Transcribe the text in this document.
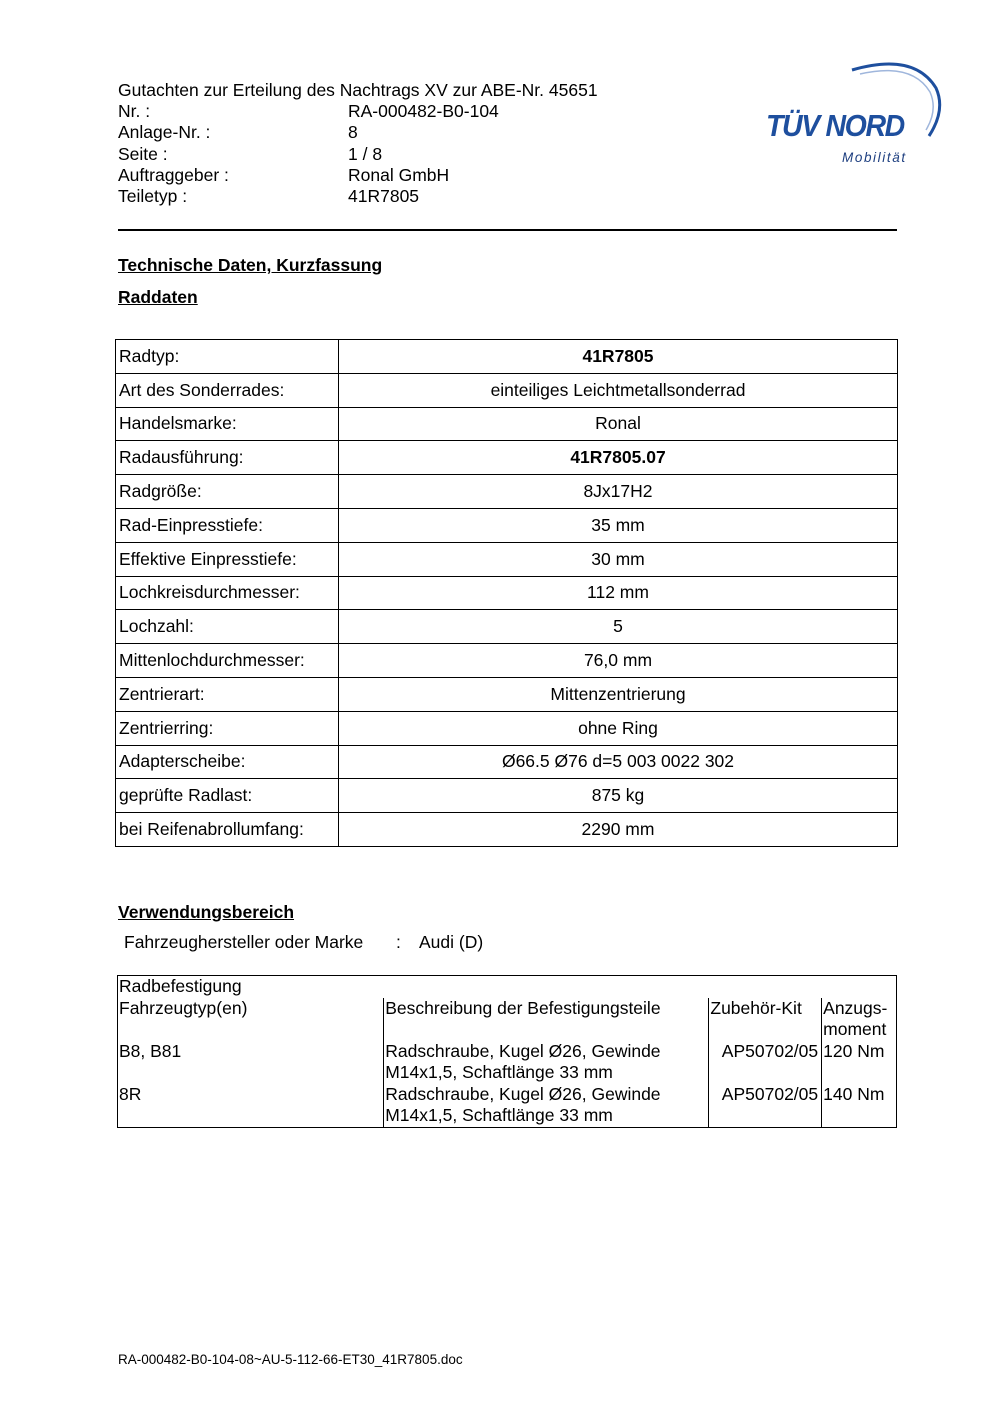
Gutachten zur Erteilung des Nachtrags XV zur ABE-Nr. 45651
Nr. :	RA-000482-B0-104
Anlage-Nr. :	8
Seite :	1 / 8
Auftraggeber :	Ronal GmbH
Teiletyp :	41R7805
TÜV NORD
Mobilität
Technische Daten, Kurzfassung
Raddaten
Radtyp:	41R7805
Art des Sonderrades:	einteiliges Leichtmetallsonderrad
Handelsmarke:	Ronal
Radausführung:	41R7805.07
Radgröße:	8Jx17H2
Rad-Einpresstiefe:	35 mm
Effektive Einpresstiefe:	30 mm
Lochkreisdurchmesser:	112 mm
Lochzahl:	5
Mittenlochdurchmesser:	76,0 mm
Zentrierart:	Mittenzentrierung
Zentrierring:	ohne Ring
Adapterscheibe:	Ø66.5 Ø76 d=5 003 0022 302
geprüfte Radlast:	875 kg
bei Reifenabrollumfang:	2290 mm
Verwendungsbereich
Fahrzeughersteller oder Marke	:	Audi (D)
Radbefestigung			
Fahrzeugtyp(en)	Beschreibung der Befestigungsteile	Zubehör-Kit	Anzugs-
moment

B8, B81	Radschraube, Kugel Ø26, Gewinde
M14x1,5, Schaftlänge 33 mm	AP50702/05	120 Nm
8R	Radschraube, Kugel Ø26, Gewinde
M14x1,5, Schaftlänge 33 mm	AP50702/05	140 Nm
RA-000482-B0-104-08~AU-5-112-66-ET30_41R7805.doc
